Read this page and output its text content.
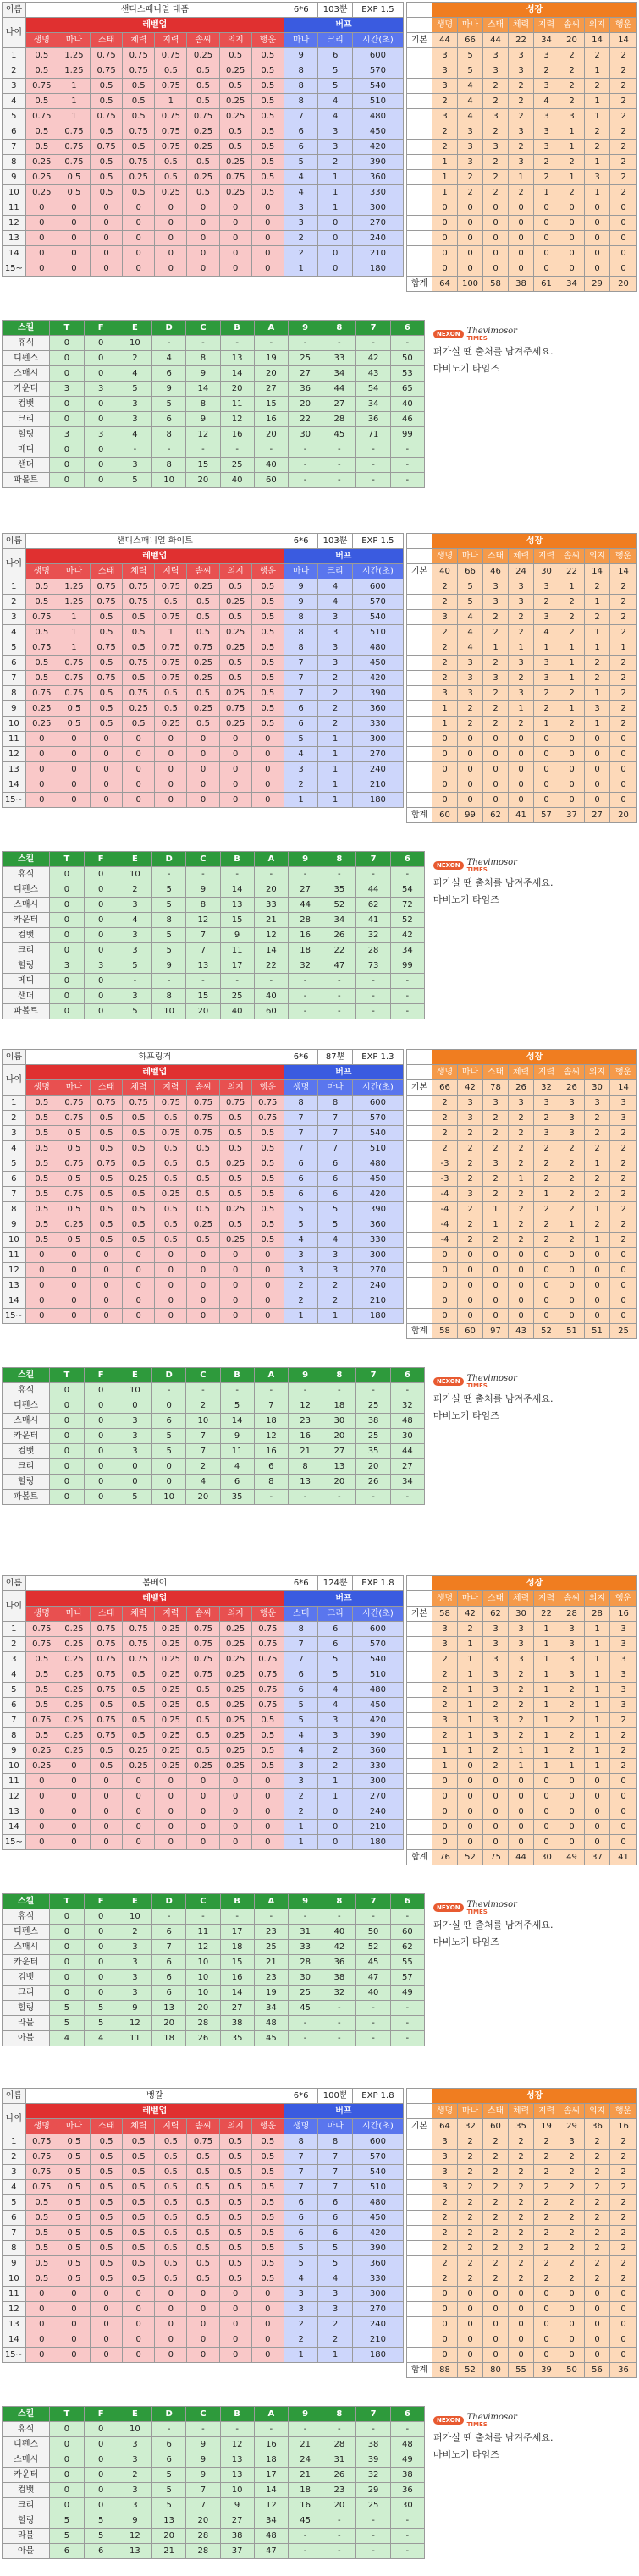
이름	샌디스패니얼 대폼								6*6	103뿐	EXP 1.5
나이	레벨업								버프		
	생명	마나	스태	체력	지력	솜씨	의지	행운	마나	크리	시간(초)
1	0.5	1.25	0.75	0.75	0.75	0.25	0.5	0.5	9	6	600
2	0.5	1.25	0.75	0.75	0.5	0.5	0.25	0.5	8	5	570
3	0.75	1	0.5	0.5	0.75	0.5	0.5	0.5	8	5	540
4	0.5	1	0.5	0.5	1	0.5	0.25	0.5	8	4	510
5	0.75	1	0.75	0.5	0.75	0.75	0.25	0.5	7	4	480
6	0.5	0.75	0.5	0.75	0.75	0.25	0.5	0.5	6	3	450
7	0.5	0.75	0.75	0.5	0.75	0.25	0.5	0.5	6	3	420
8	0.25	0.75	0.5	0.75	0.5	0.5	0.25	0.5	5	2	390
9	0.25	0.5	0.5	0.25	0.5	0.25	0.75	0.5	4	1	360
10	0.25	0.5	0.5	0.5	0.25	0.5	0.25	0.5	4	1	330
11	0	0	0	0	0	0	0	0	3	1	300
12	0	0	0	0	0	0	0	0	3	0	270
13	0	0	0	0	0	0	0	0	2	0	240
14	0	0	0	0	0	0	0	0	2	0	210
15~	0	0	0	0	0	0	0	0	1	0	180
	성장							
	생명	마나	스태	체력	지력	솜씨	의지	행운
기본	44	66	44	22	34	20	14	14
	3	5	3	3	3	2	2	2
	3	5	3	3	2	2	1	2
	3	4	2	2	3	2	2	2
	2	4	2	2	4	2	1	2
	3	4	3	2	3	3	1	2
	2	3	2	3	3	1	2	2
	2	3	3	2	3	1	2	2
	1	3	2	3	2	2	1	2
	1	2	2	1	2	1	3	2
	1	2	2	2	1	2	1	2
	0	0	0	0	0	0	0	0
	0	0	0	0	0	0	0	0
	0	0	0	0	0	0	0	0
	0	0	0	0	0	0	0	0
	0	0	0	0	0	0	0	0
합계	64	100	58	38	61	34	29	20
스킬	T	F	E	D	C	B	A	9	8	7	6
휴식	0	0	10	-	-	-	-	-	-	-	-
디펜스	0	0	2	4	8	13	19	25	33	42	50
스매시	0	0	4	6	9	14	20	27	34	43	53
카운터	3	3	5	9	14	20	27	36	44	54	65
컴뱃	0	0	3	5	8	11	15	20	27	34	40
크리	0	0	3	6	9	12	16	22	28	36	46
힐링	3	3	4	8	12	16	20	30	45	71	99
메디	0	0	-	-	-	-	-	-	-	-	-
샌더	0	0	3	8	15	25	40	-	-	-	-
파볼트	0	0	5	10	20	40	60	-	-	-	-
NEXON Thevimosor
TIMES
퍼가실 땐 출처를 남겨주세요.
마비노기 타임즈
이름	샌디스패니얼 화이트								6*6	103뿐	EXP 1.5
나이	레벨업								버프		
	생명	마나	스태	체력	지력	솜씨	의지	행운	마나	크리	시간(초)
1	0.5	1.25	0.75	0.75	0.75	0.25	0.5	0.5	9	4	600
2	0.5	1.25	0.75	0.75	0.5	0.5	0.25	0.5	9	4	570
3	0.75	1	0.5	0.5	0.75	0.5	0.5	0.5	8	3	540
4	0.5	1	0.5	0.5	1	0.5	0.25	0.5	8	3	510
5	0.75	1	0.75	0.5	0.75	0.75	0.25	0.5	8	3	480
6	0.5	0.75	0.5	0.75	0.75	0.25	0.5	0.5	7	3	450
7	0.5	0.75	0.75	0.5	0.75	0.25	0.5	0.5	7	2	420
8	0.75	0.75	0.5	0.75	0.5	0.5	0.25	0.5	7	2	390
9	0.25	0.5	0.5	0.25	0.5	0.25	0.75	0.5	6	2	360
10	0.25	0.5	0.5	0.5	0.25	0.5	0.25	0.5	6	2	330
11	0	0	0	0	0	0	0	0	5	1	300
12	0	0	0	0	0	0	0	0	4	1	270
13	0	0	0	0	0	0	0	0	3	1	240
14	0	0	0	0	0	0	0	0	2	1	210
15~	0	0	0	0	0	0	0	0	1	1	180
	성장							
	생명	마나	스태	체력	지력	솜씨	의지	행운
기본	40	66	46	24	30	22	14	14
	2	5	3	3	3	1	2	2
	2	5	3	3	2	2	1	2
	3	4	2	2	3	2	2	2
	2	4	2	2	4	2	1	2
	2	4	1	1	1	1	1	1
	2	3	2	3	3	1	2	2
	2	3	3	2	3	1	2	2
	3	3	2	3	2	2	1	2
	1	2	2	1	2	1	3	2
	1	2	2	2	1	2	1	2
	0	0	0	0	0	0	0	0
	0	0	0	0	0	0	0	0
	0	0	0	0	0	0	0	0
	0	0	0	0	0	0	0	0
	0	0	0	0	0	0	0	0
합계	60	99	62	41	57	37	27	20
스킬	T	F	E	D	C	B	A	9	8	7	6
휴식	0	0	10	-	-	-	-	-	-	-	-
디펜스	0	0	2	5	9	14	20	27	35	44	54
스매시	0	0	3	5	8	13	33	44	52	62	72
카운터	0	0	4	8	12	15	21	28	34	41	52
컴뱃	0	0	3	5	7	9	12	16	26	32	42
크리	0	0	3	5	7	11	14	18	22	28	34
힐링	3	3	5	9	13	17	22	32	47	73	99
메디	0	0	-	-	-	-	-	-	-	-	-
샌더	0	0	3	8	15	25	40	-	-	-	-
파볼트	0	0	5	10	20	40	60	-	-	-	-
NEXON Thevimosor
TIMES
퍼가실 땐 출처를 남겨주세요.
마비노기 타임즈
이름	하프링거								6*6	87뿐	EXP 1.3
나이	레벨업								버프		
	생명	마나	스태	체력	지력	솜씨	의지	행운	생명	마나	시간(초)
1	0.5	0.75	0.75	0.75	0.75	0.75	0.75	0.75	8	8	600
2	0.5	0.75	0.5	0.5	0.5	0.75	0.5	0.75	7	7	570
3	0.5	0.5	0.5	0.5	0.75	0.75	0.5	0.5	7	7	540
4	0.5	0.5	0.5	0.5	0.5	0.5	0.5	0.5	7	7	510
5	0.5	0.75	0.75	0.5	0.5	0.5	0.25	0.5	6	6	480
6	0.5	0.5	0.5	0.25	0.5	0.5	0.5	0.5	6	6	450
7	0.5	0.75	0.5	0.5	0.25	0.5	0.5	0.5	6	6	420
8	0.5	0.5	0.5	0.5	0.5	0.5	0.25	0.5	5	5	390
9	0.5	0.25	0.5	0.5	0.5	0.25	0.5	0.5	5	5	360
10	0.5	0.5	0.5	0.5	0.5	0.5	0.25	0.5	4	4	330
11	0	0	0	0	0	0	0	0	3	3	300
12	0	0	0	0	0	0	0	0	3	3	270
13	0	0	0	0	0	0	0	0	2	2	240
14	0	0	0	0	0	0	0	0	2	2	210
15~	0	0	0	0	0	0	0	0	1	1	180
	성장							
	생명	마나	스태	체력	지력	솜씨	의지	행운
기본	66	42	78	26	32	26	30	14
	2	3	3	3	3	3	3	3
	2	3	2	2	2	3	2	3
	2	2	2	2	3	3	2	2
	2	2	2	2	2	2	2	2
	-3	2	3	2	2	2	1	2
	-3	2	2	1	2	2	2	2
	-4	3	2	2	1	2	2	2
	-4	2	1	2	2	2	1	2
	-4	2	1	2	2	1	2	2
	-4	2	2	2	2	2	1	2
	0	0	0	0	0	0	0	0
	0	0	0	0	0	0	0	0
	0	0	0	0	0	0	0	0
	0	0	0	0	0	0	0	0
	0	0	0	0	0	0	0	0
합계	58	60	97	43	52	51	51	25
스킬	T	F	E	D	C	B	A	9	8	7	6
휴식	0	0	10	-	-	-	-	-	-	-	-
디펜스	0	0	0	0	2	5	7	12	18	25	32
스매시	0	0	3	6	10	14	18	23	30	38	48
카운터	0	0	3	5	7	9	12	16	20	25	30
컴뱃	0	0	3	5	7	11	16	21	27	35	44
크리	0	0	0	0	2	4	6	8	13	20	27
힐링	0	0	0	0	4	6	8	13	20	26	34
파볼트	0	0	5	10	20	35	-	-	-	-	-
NEXON Thevimosor
TIMES
퍼가실 땐 출처를 남겨주세요.
마비노기 타임즈
이름	봄베이								6*6	124뿐	EXP 1.8
나이	레벨업								버프		
	생명	마나	스태	체력	지력	솜씨	의지	행운	스태	크리	시간(초)
1	0.75	0.25	0.75	0.75	0.25	0.75	0.25	0.75	8	6	600
2	0.75	0.25	0.75	0.75	0.25	0.75	0.25	0.75	7	6	570
3	0.5	0.25	0.75	0.75	0.25	0.75	0.25	0.75	7	5	540
4	0.5	0.25	0.75	0.5	0.25	0.75	0.25	0.75	6	5	510
5	0.5	0.25	0.75	0.5	0.25	0.5	0.25	0.75	6	4	480
6	0.5	0.25	0.5	0.5	0.25	0.5	0.25	0.75	5	4	450
7	0.75	0.25	0.75	0.5	0.25	0.5	0.25	0.5	5	3	420
8	0.5	0.25	0.75	0.5	0.25	0.5	0.25	0.5	4	3	390
9	0.25	0.25	0.5	0.25	0.25	0.5	0.25	0.5	4	2	360
10	0.25	0	0.5	0.25	0.25	0.25	0.25	0.5	3	2	330
11	0	0	0	0	0	0	0	0	3	1	300
12	0	0	0	0	0	0	0	0	2	1	270
13	0	0	0	0	0	0	0	0	2	0	240
14	0	0	0	0	0	0	0	0	1	0	210
15~	0	0	0	0	0	0	0	0	1	0	180
	성장							
	생명	마나	스태	체력	지력	솜씨	의지	행운
기본	58	42	62	30	22	28	28	16
	3	2	3	3	1	3	1	3
	3	1	3	3	1	3	1	3
	2	1	3	3	1	3	1	3
	2	1	3	2	1	3	1	3
	2	1	3	2	1	2	1	3
	2	1	2	2	1	2	1	3
	3	1	3	2	1	2	1	2
	2	1	3	2	1	2	1	2
	1	1	2	1	1	2	1	2
	1	0	2	1	1	1	1	2
	0	0	0	0	0	0	0	0
	0	0	0	0	0	0	0	0
	0	0	0	0	0	0	0	0
	0	0	0	0	0	0	0	0
	0	0	0	0	0	0	0	0
합계	76	52	75	44	30	49	37	41
스킬	T	F	E	D	C	B	A	9	8	7	6
휴식	0	0	10	-	-	-	-	-	-	-	-
디펜스	0	0	2	6	11	17	23	31	40	50	60
스매시	0	0	3	7	12	18	25	33	42	52	62
카운터	0	0	3	6	10	15	21	28	36	45	55
컴뱃	0	0	3	6	10	16	23	30	38	47	57
크리	0	0	3	6	10	14	19	25	32	40	49
힐링	5	5	9	13	20	27	34	45	-	-	-
라볼	5	5	12	20	28	38	48	-	-	-	-
아볼	4	4	11	18	26	35	45	-	-	-	-
NEXON Thevimosor
TIMES
퍼가실 땐 출처를 남겨주세요.
마비노기 타임즈
이름	뱅갈								6*6	100뿐	EXP 1.8
나이	레벨업								버프		
	생명	마나	스태	체력	지력	솜씨	의지	행운	생명	마나	시간(초)
1	0.75	0.5	0.5	0.5	0.5	0.75	0.5	0.5	8	8	600
2	0.75	0.5	0.5	0.5	0.5	0.5	0.5	0.5	7	7	570
3	0.75	0.5	0.5	0.5	0.5	0.5	0.5	0.5	7	7	540
4	0.75	0.5	0.5	0.5	0.5	0.5	0.5	0.5	7	7	510
5	0.5	0.5	0.5	0.5	0.5	0.5	0.5	0.5	6	6	480
6	0.5	0.5	0.5	0.5	0.5	0.5	0.5	0.5	6	6	450
7	0.5	0.5	0.5	0.5	0.5	0.5	0.5	0.5	6	6	420
8	0.5	0.5	0.5	0.5	0.5	0.5	0.5	0.5	5	5	390
9	0.5	0.5	0.5	0.5	0.5	0.5	0.5	0.5	5	5	360
10	0.5	0.5	0.5	0.5	0.5	0.5	0.5	0.5	4	4	330
11	0	0	0	0	0	0	0	0	3	3	300
12	0	0	0	0	0	0	0	0	3	3	270
13	0	0	0	0	0	0	0	0	2	2	240
14	0	0	0	0	0	0	0	0	2	2	210
15~	0	0	0	0	0	0	0	0	1	1	180
	성장							
	생명	마나	스태	체력	지력	솜씨	의지	행운
기본	64	32	60	35	19	29	36	16
	3	2	2	2	2	3	2	2
	3	2	2	2	2	2	2	2
	3	2	2	2	2	2	2	2
	3	2	2	2	2	2	2	2
	2	2	2	2	2	2	2	2
	2	2	2	2	2	2	2	2
	2	2	2	2	2	2	2	2
	2	2	2	2	2	2	2	2
	2	2	2	2	2	2	2	2
	2	2	2	2	2	2	2	2
	0	0	0	0	0	0	0	0
	0	0	0	0	0	0	0	0
	0	0	0	0	0	0	0	0
	0	0	0	0	0	0	0	0
	0	0	0	0	0	0	0	0
합계	88	52	80	55	39	50	56	36
스킬	T	F	E	D	C	B	A	9	8	7	6
휴식	0	0	10	-	-	-	-	-	-	-	-
디펜스	0	0	3	6	9	12	16	21	28	38	48
스매시	0	0	3	6	9	13	18	24	31	39	49
카운터	0	0	2	5	9	13	17	21	26	32	38
컴뱃	0	0	3	5	7	10	14	18	23	29	36
크리	0	0	3	5	7	9	12	16	20	25	30
힐링	5	5	9	13	20	27	34	45	-	-	-
라볼	5	5	12	20	28	38	48	-	-	-	-
아볼	6	6	13	21	28	37	47	-	-	-	-
NEXON Thevimosor
TIMES
퍼가실 땐 출처를 남겨주세요.
마비노기 타임즈
